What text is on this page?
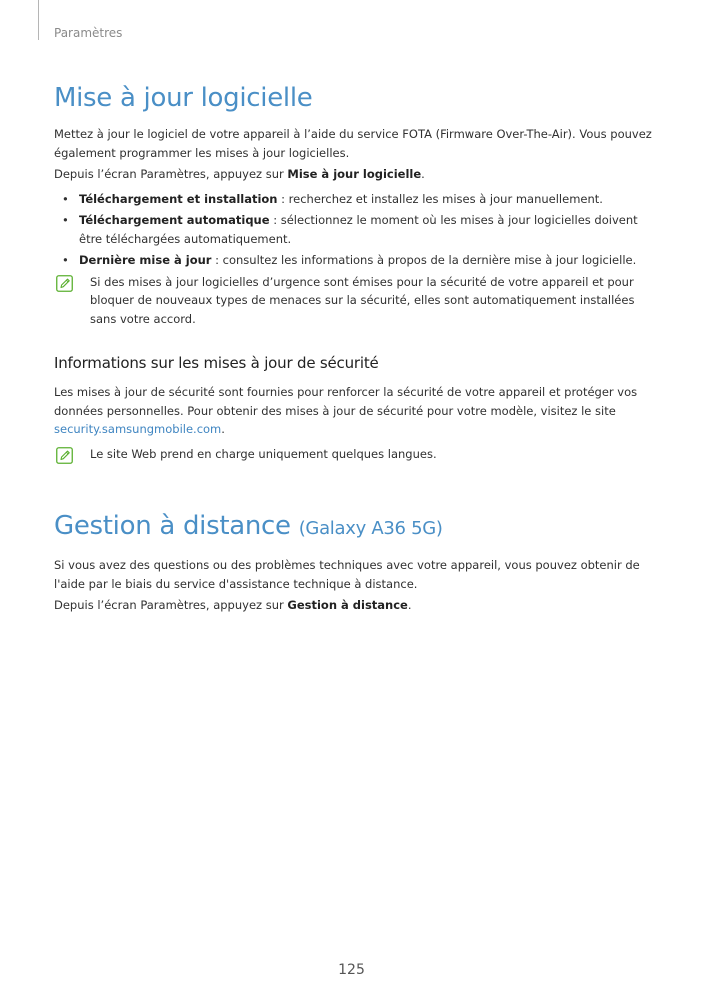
Paramètres
Mise à jour logicielle

Mettez à jour le logiciel de votre appareil à l’aide du service FOTA (Firmware Over-The-Air). Vous pouvez également programmer les mises à jour logicielles.

Depuis l’écran Paramètres, appuyez sur Mise à jour logicielle.

• Téléchargement et installation : recherchez et installez les mises à jour manuellement.
• Téléchargement automatique : sélectionnez le moment où les mises à jour logicielles doivent être téléchargées automatiquement.
• Dernière mise à jour : consultez les informations à propos de la dernière mise à jour logicielle.
Si des mises à jour logicielles d’urgence sont émises pour la sécurité de votre appareil et pour bloquer de nouveaux types de menaces sur la sécurité, elles sont automatiquement installées sans votre accord.
Informations sur les mises à jour de sécurité

Les mises à jour de sécurité sont fournies pour renforcer la sécurité de votre appareil et protéger vos données personnelles. Pour obtenir des mises à jour de sécurité pour votre modèle, visitez le site security.samsungmobile.com.

Le site Web prend en charge uniquement quelques langues.
Gestion à distance (Galaxy A36 5G)

Si vous avez des questions ou des problèmes techniques avec votre appareil, vous pouvez obtenir de l'aide par le biais du service d'assistance technique à distance.

Depuis l’écran Paramètres, appuyez sur Gestion à distance.

125
